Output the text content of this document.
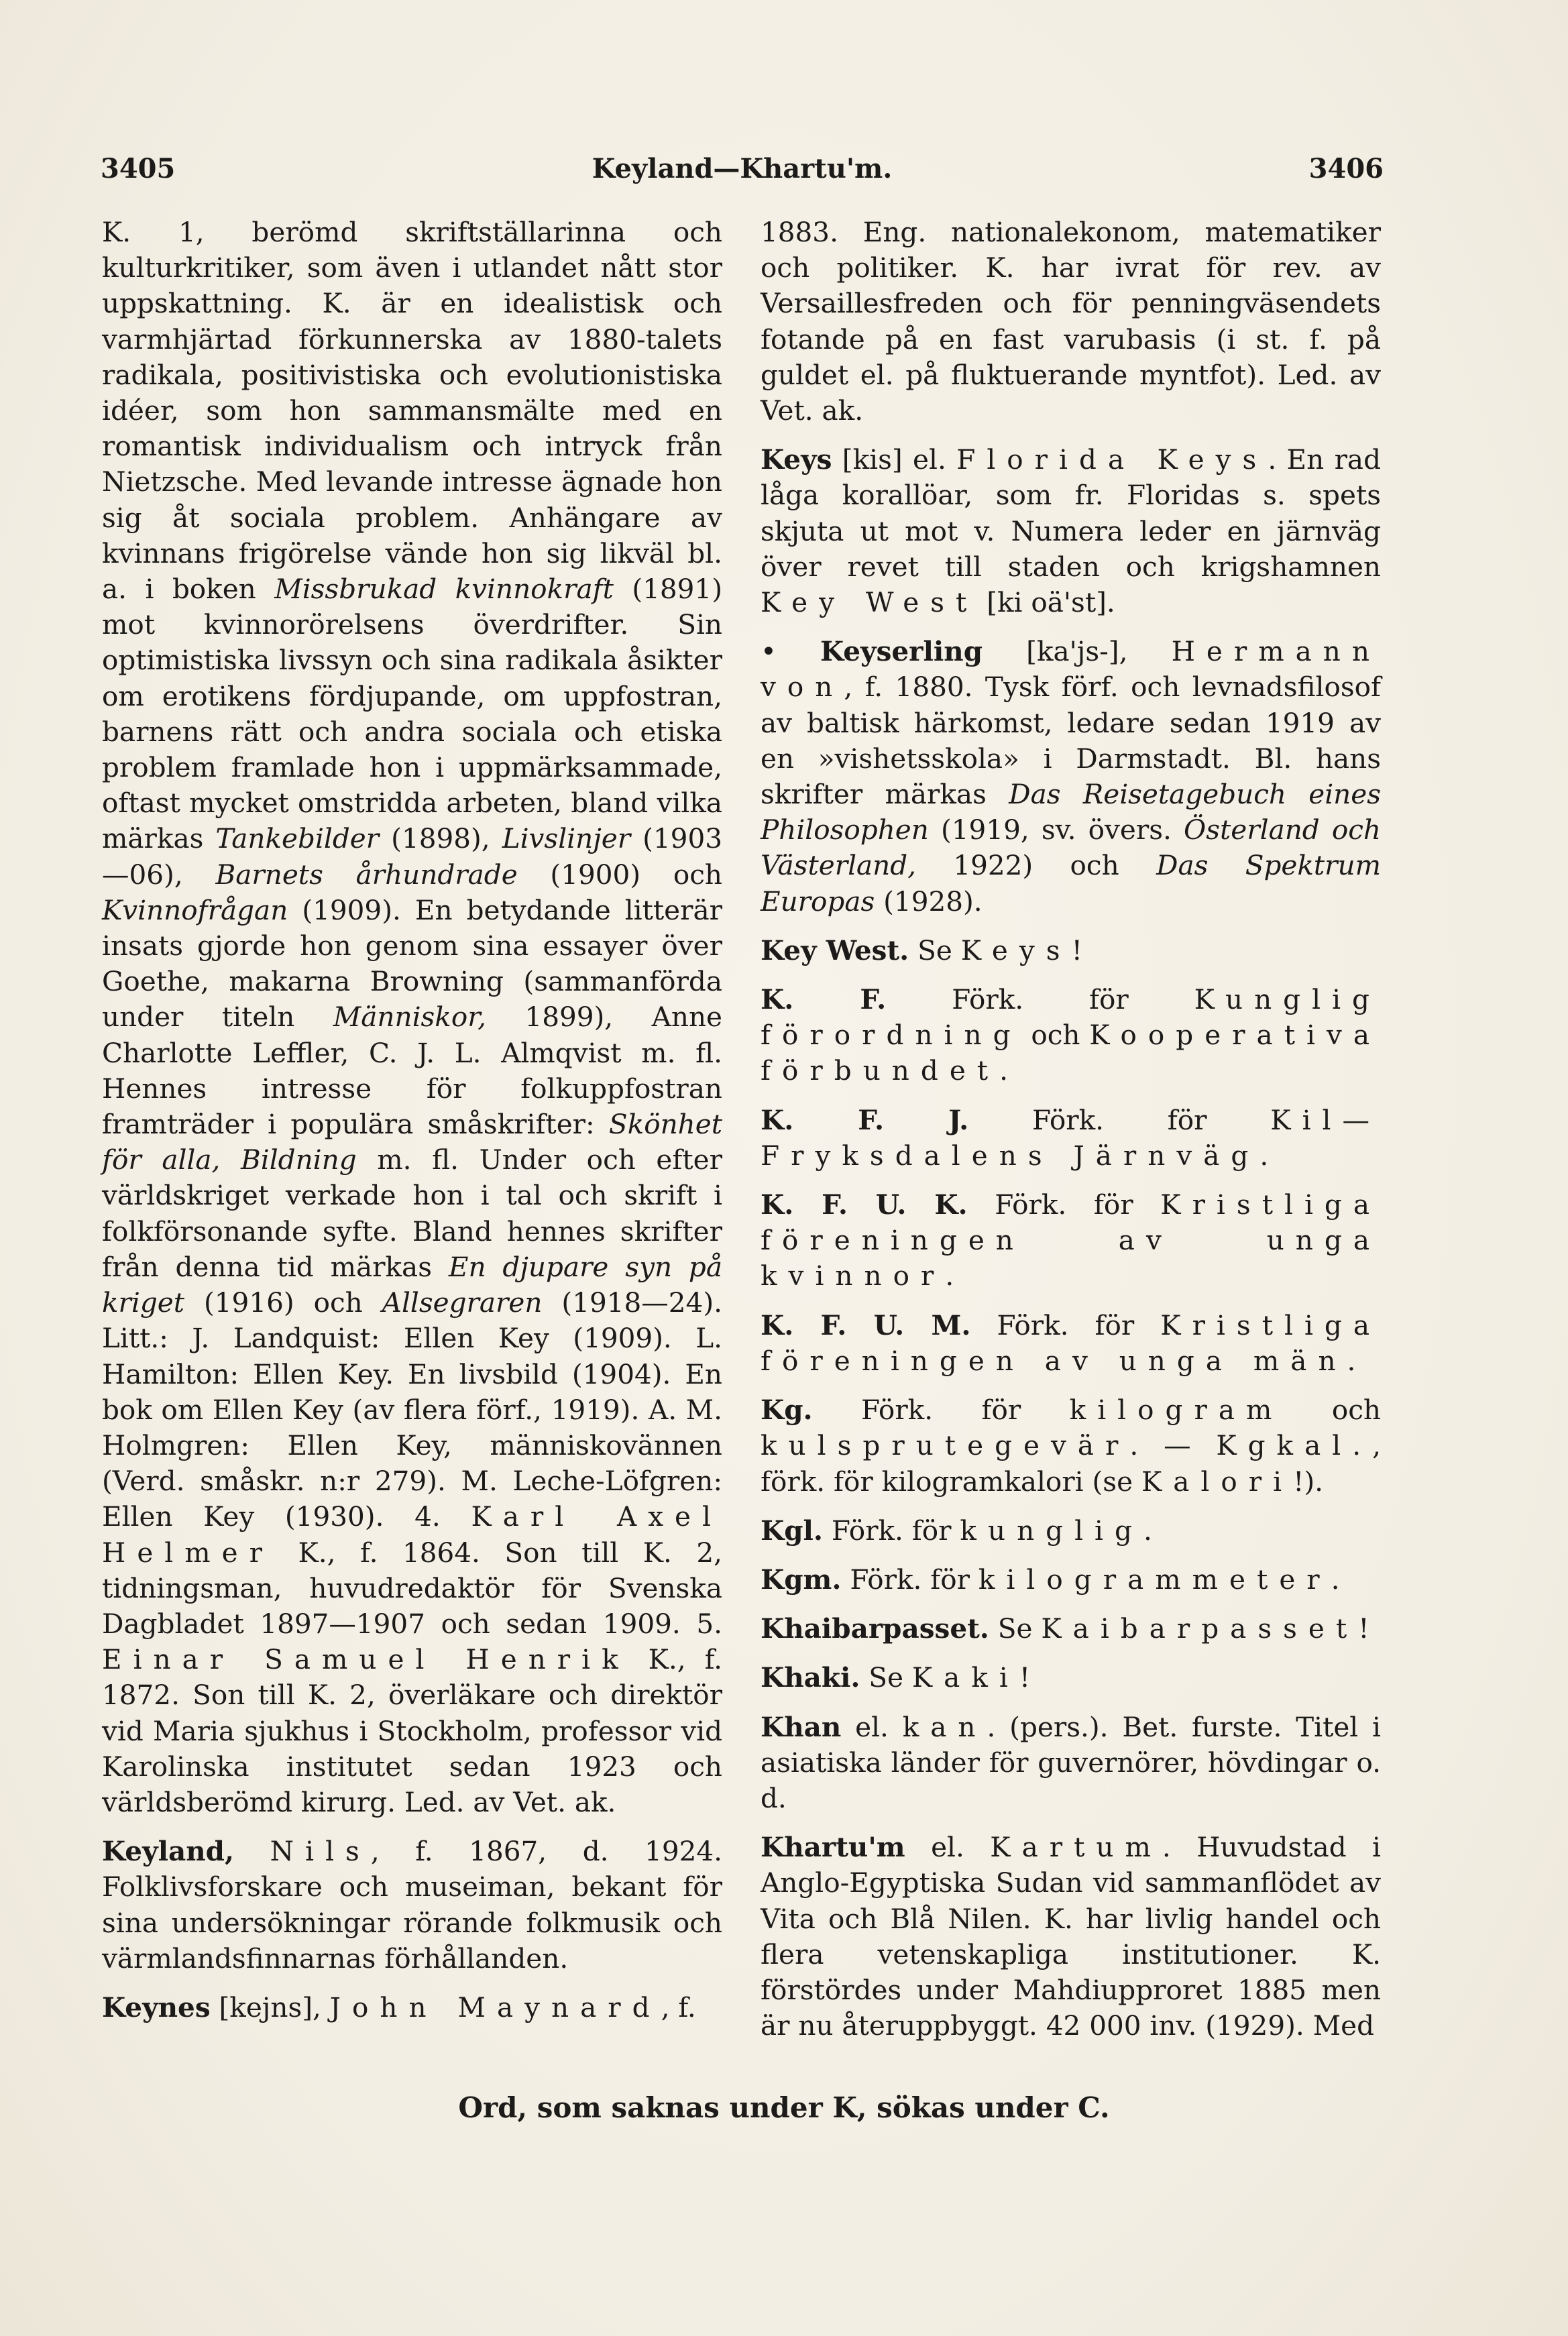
3405	Keyland—Khartu'm.	3406

K. 1, berömd skriftställarinna och kulturkritiker, som även i utlandet nått stor uppskattning. K. är en idealistisk och varmhjärtad förkunnerska av 1880-talets radikala, positivistiska och evolutionistiska idéer, som hon sammansmälte med en romantisk individualism och intryck från Nietzsche. Med levande intresse ägnade hon sig åt sociala problem. Anhängare av kvinnans frigörelse vände hon sig likväl bl. a. i boken Missbrukad kvinnokraft (1891) mot kvinnorörelsens överdrifter. Sin optimistiska livssyn och sina radikala åsikter om erotikens fördjupande, om uppfostran, barnens rätt och andra sociala och etiska problem framlade hon i uppmärksammade, oftast mycket omstridda arbeten, bland vilka märkas Tankebilder (1898), Livslinjer (1903—06), Barnets århundrade (1900) och Kvinnofrågan (1909). En betydande litterär insats gjorde hon genom sina essayer över Goethe, makarna Browning (sammanförda under titeln Människor, 1899), Anne Charlotte Leffler, C. J. L. Almqvist m. fl. Hennes intresse för folkuppfostran framträder i populära småskrifter: Skönhet för alla, Bildning m. fl. Under och efter världskriget verkade hon i tal och skrift i folkförsonande syfte. Bland hennes skrifter från denna tid märkas En djupare syn på kriget (1916) och Allsegraren (1918—24). Litt.: J. Landquist: Ellen Key (1909). L. Hamilton: Ellen Key. En livsbild (1904). En bok om Ellen Key (av flera förf., 1919). A. M. Holmgren: Ellen Key, människovännen (Verd. småskr. n:r 279). M. Leche-Löfgren: Ellen Key (1930). 4. Karl Axel Helmer K., f. 1864. Son till K. 2, tidningsman, huvudredaktör för Svenska Dagbladet 1897—1907 och sedan 1909. 5. Einar Samuel Henrik K., f. 1872. Son till K. 2, överläkare och direktör vid Maria sjukhus i Stockholm, professor vid Karolinska institutet sedan 1923 och världsberömd kirurg. Led. av Vet. ak.

Keyland, Nils, f. 1867, d. 1924. Folklivsforskare och museiman, bekant för sina undersökningar rörande folkmusik och värmlandsfinnarnas förhållanden.

Keynes [kejns], John Maynard, f.

1883. Eng. nationalekonom, matematiker och politiker. K. har ivrat för rev. av Versaillesfreden och för penningväsendets fotande på en fast varubasis (i st. f. på guldet el. på fluktuerande myntfot). Led. av Vet. ak.

Keys [kis] el. Florida Keys. En rad låga korallöar, som fr. Floridas s. spets skjuta ut mot v. Numera leder en järnväg över revet till staden och krigshamnen Key West [ki oä'st].

• Keyserling [ka'js-], Hermann von, f. 1880. Tysk förf. och levnadsfilosof av baltisk härkomst, ledare sedan 1919 av en »vishetsskola» i Darmstadt. Bl. hans skrifter märkas Das Reisetagebuch eines Philosophen (1919, sv. övers. Österland och Västerland, 1922) och Das Spektrum Europas (1928).

Key West. Se Keys!

K. F. Förk. för Kunglig förordning och Kooperativa förbundet.

K. F. J. Förk. för Kil—Fryksdalens Järnväg.

K. F. U. K. Förk. för Kristliga föreningen av unga kvinnor.

K. F. U. M. Förk. för Kristliga föreningen av unga män.

Kg. Förk. för kilogram och kulsprutegevär. — Kgkal., förk. för kilogramkalori (se Kalori!).

Kgl. Förk. för kunglig.

Kgm. Förk. för kilogrammeter.

Khaibarpasset. Se Kaibarpasset!

Khaki. Se Kaki!

Khan el. kan. (pers.). Bet. furste. Titel i asiatiska länder för guvernörer, hövdingar o. d.

Khartu'm el. Kartum. Huvudstad i Anglo-Egyptiska Sudan vid sammanflödet av Vita och Blå Nilen. K. har livlig handel och flera vetenskapliga institutioner. K. förstördes under Mahdiupproret 1885 men är nu återuppbyggt. 42 000 inv. (1929). Med

Ord, som saknas under K, sökas under C.
